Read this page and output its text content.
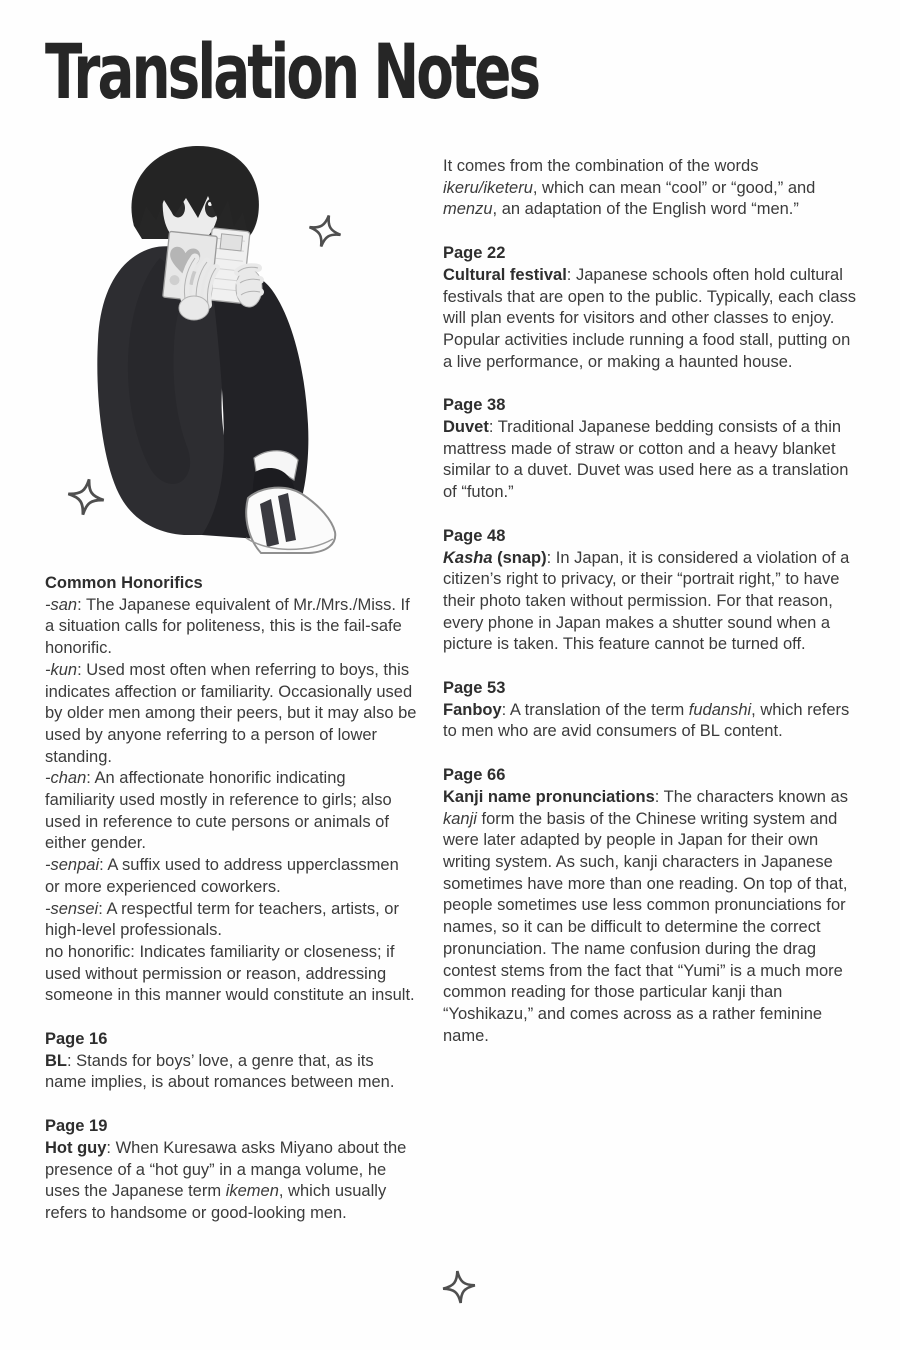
Translation Notes
Common Honorifics

-san: The Japanese equivalent of Mr./Mrs./Miss. If a situation calls for politeness, this is the fail-safe honorific.

-kun: Used most often when referring to boys, this indicates affection or familiarity. Occasionally used by older men among their peers, but it may also be used by anyone referring to a person of lower standing.

-chan: An affectionate honorific indicating familiarity used mostly in reference to girls; also used in reference to cute persons or animals of either gender.

-senpai: A suffix used to address upperclassmen or more experienced coworkers.

-sensei: A respectful term for teachers, artists, or high-level professionals.

no honorific: Indicates familiarity or closeness; if used without permission or reason, addressing someone in this manner would constitute an insult.

Page 16

BL: Stands for boys’ love, a genre that, as its name implies, is about romances between men.

Page 19

Hot guy: When Kuresawa asks Miyano about the presence of a “hot guy” in a manga volume, he uses the Japanese term ikemen, which usually refers to handsome or good-looking men.

It comes from the combination of the words ikeru/iketeru, which can mean “cool” or “good,” and menzu, an adaptation of the English word “men.”

Page 22

Cultural festival: Japanese schools often hold cultural festivals that are open to the public. Typically, each class will plan events for visitors and other classes to enjoy. Popular activities include running a food stall, putting on a live performance, or making a haunted house.

Page 38

Duvet: Traditional Japanese bedding consists of a thin mattress made of straw or cotton and a heavy blanket similar to a duvet. Duvet was used here as a translation of “futon.”

Page 48

Kasha (snap): In Japan, it is considered a violation of a citizen’s right to privacy, or their “portrait right,” to have their photo taken without permission. For that reason, every phone in Japan makes a shutter sound when a picture is taken. This feature cannot be turned off.

Page 53

Fanboy: A translation of the term fudanshi, which refers to men who are avid consumers of BL content.

Page 66

Kanji name pronunciations: The characters known as kanji form the basis of the Chinese writing system and were later adapted by people in Japan for their own writing system. As such, kanji characters in Japanese sometimes have more than one reading. On top of that, people sometimes use less common pronunciations for names, so it can be difficult to determine the correct pronunciation. The name confusion during the drag contest stems from the fact that “Yumi” is a much more common reading for those particular kanji than “Yoshikazu,” and comes across as a rather feminine name.
